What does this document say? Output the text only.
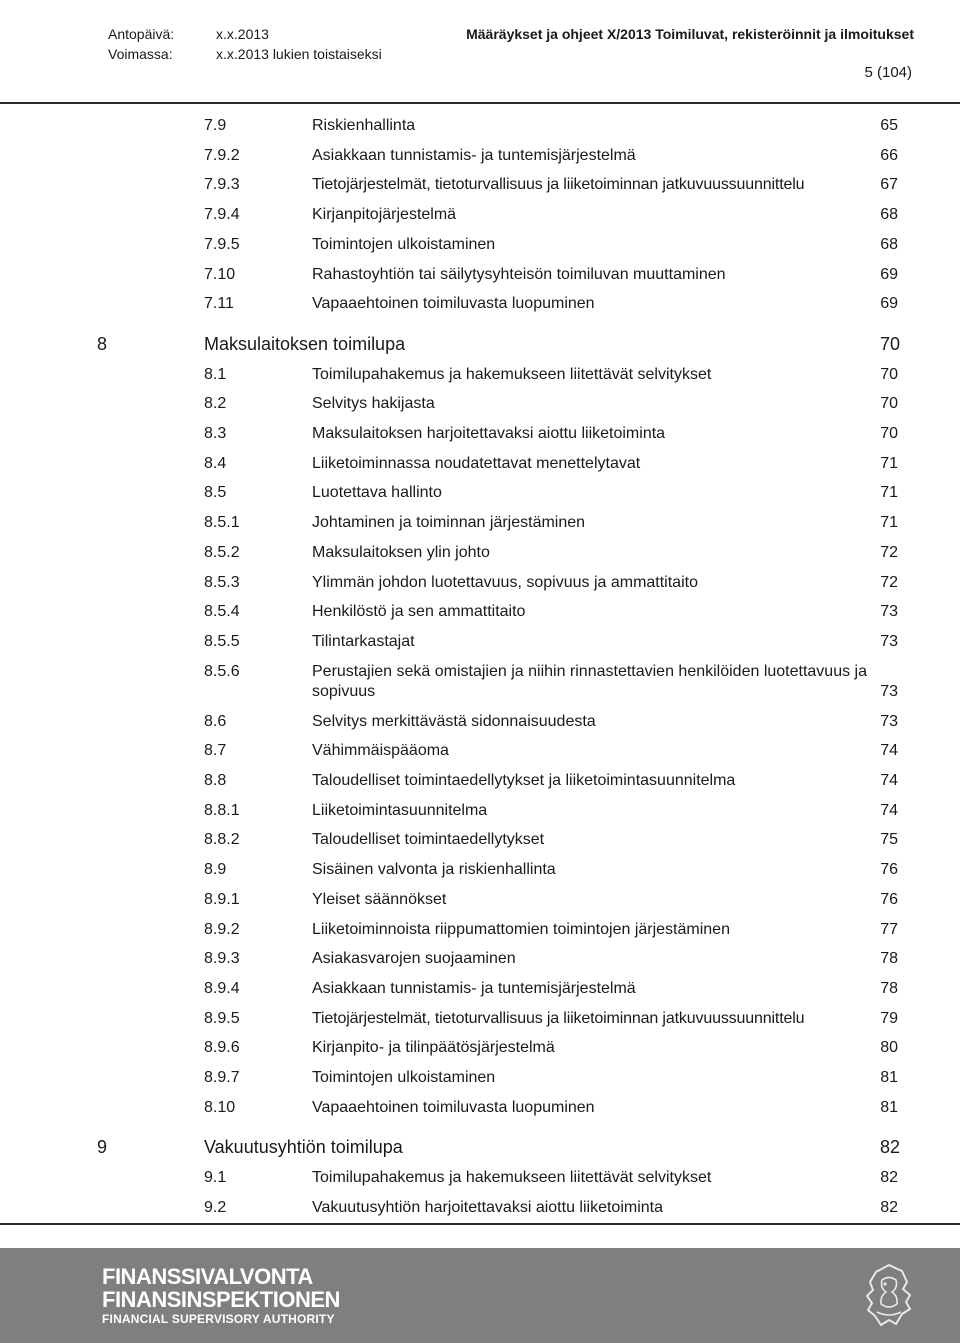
Antopäivä:	x.x.2013	Määräykset ja ohjeet X/2013 Toimiluvat, rekisteröinnit ja ilmoitukset
Voimassa:	x.x.2013 lukien toistaiseksi
5 (104)
7.9	Riskienhallinta	65
7.9.2	Asiakkaan tunnistamis- ja tuntemisjärjestelmä	66
7.9.3	Tietojärjestelmät, tietoturvallisuus ja liiketoiminnan jatkuvuussuunnittelu	67
7.9.4	Kirjanpitojärjestelmä	68
7.9.5	Toimintojen ulkoistaminen	68
7.10	Rahastoyhtiön tai säilytysyhteisön toimiluvan muuttaminen	69
7.11	Vapaaehtoinen toimiluvasta luopuminen	69
8	Maksulaitoksen toimilupa	70
8.1	Toimilupahakemus ja hakemukseen liitettävät selvitykset	70
8.2	Selvitys hakijasta	70
8.3	Maksulaitoksen harjoitettavaksi aiottu liiketoiminta	70
8.4	Liiketoiminnassa noudatettavat menettelytavat	71
8.5	Luotettava hallinto	71
8.5.1	Johtaminen ja toiminnan järjestäminen	71
8.5.2	Maksulaitoksen ylin johto	72
8.5.3	Ylimmän johdon luotettavuus, sopivuus ja ammattitaito	72
8.5.4	Henkilöstö ja sen ammattitaito	73
8.5.5	Tilintarkastajat	73
8.5.6	Perustajien sekä omistajien ja niihin rinnastettavien henkilöiden luotettavuus ja sopivuus	73
8.6	Selvitys merkittävästä sidonnaisuudesta	73
8.7	Vähimmäispääoma	74
8.8	Taloudelliset toimintaedellytykset ja liiketoimintasuunnitelma	74
8.8.1	Liiketoimintasuunnitelma	74
8.8.2	Taloudelliset toimintaedellytykset	75
8.9	Sisäinen valvonta ja riskienhallinta	76
8.9.1	Yleiset säännökset	76
8.9.2	Liiketoiminnoista riippumattomien toimintojen järjestäminen	77
8.9.3	Asiakasvarojen suojaaminen	78
8.9.4	Asiakkaan tunnistamis- ja tuntemisjärjestelmä	78
8.9.5	Tietojärjestelmät, tietoturvallisuus ja liiketoiminnan jatkuvuussuunnittelu	79
8.9.6	Kirjanpito- ja tilinpäätösjärjestelmä	80
8.9.7	Toimintojen ulkoistaminen	81
8.10	Vapaaehtoinen toimiluvasta luopuminen	81
9	Vakuutusyhtiön toimilupa	82
9.1	Toimilupahakemus ja hakemukseen liitettävät selvitykset	82
9.2	Vakuutusyhtiön harjoitettavaksi aiottu liiketoiminta	82
FINANSSIVALVONTA
FINANSINSPEKTIONEN
FINANCIAL SUPERVISORY AUTHORITY
